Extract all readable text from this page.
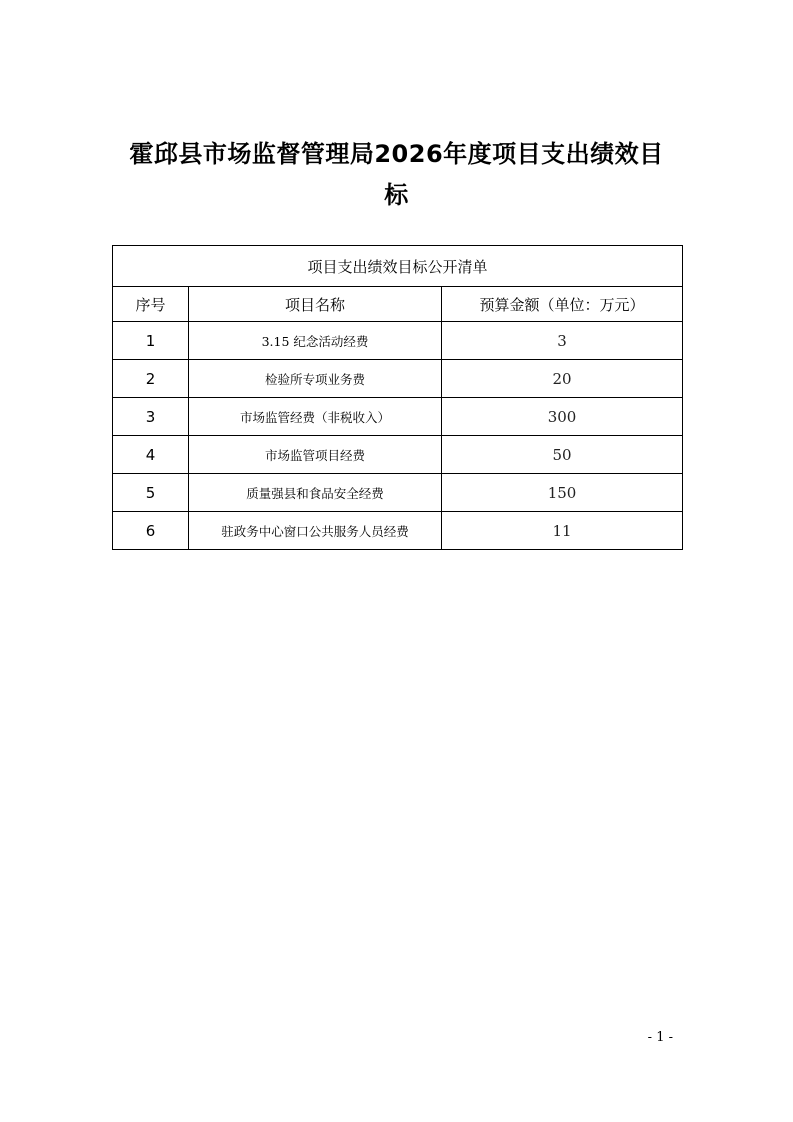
霍邱县市场监督管理局2026年度项目支出绩效目
标
项目支出绩效目标公开清单		
序号	项目名称	预算金额（单位：万元）
1	3.15 纪念活动经费	3
2	检验所专项业务费	20
3	市场监管经费（非税收入）	300
4	市场监管项目经费	50
5	质量强县和食品安全经费	150
6	驻政务中心窗口公共服务人员经费	11
- 1 -
